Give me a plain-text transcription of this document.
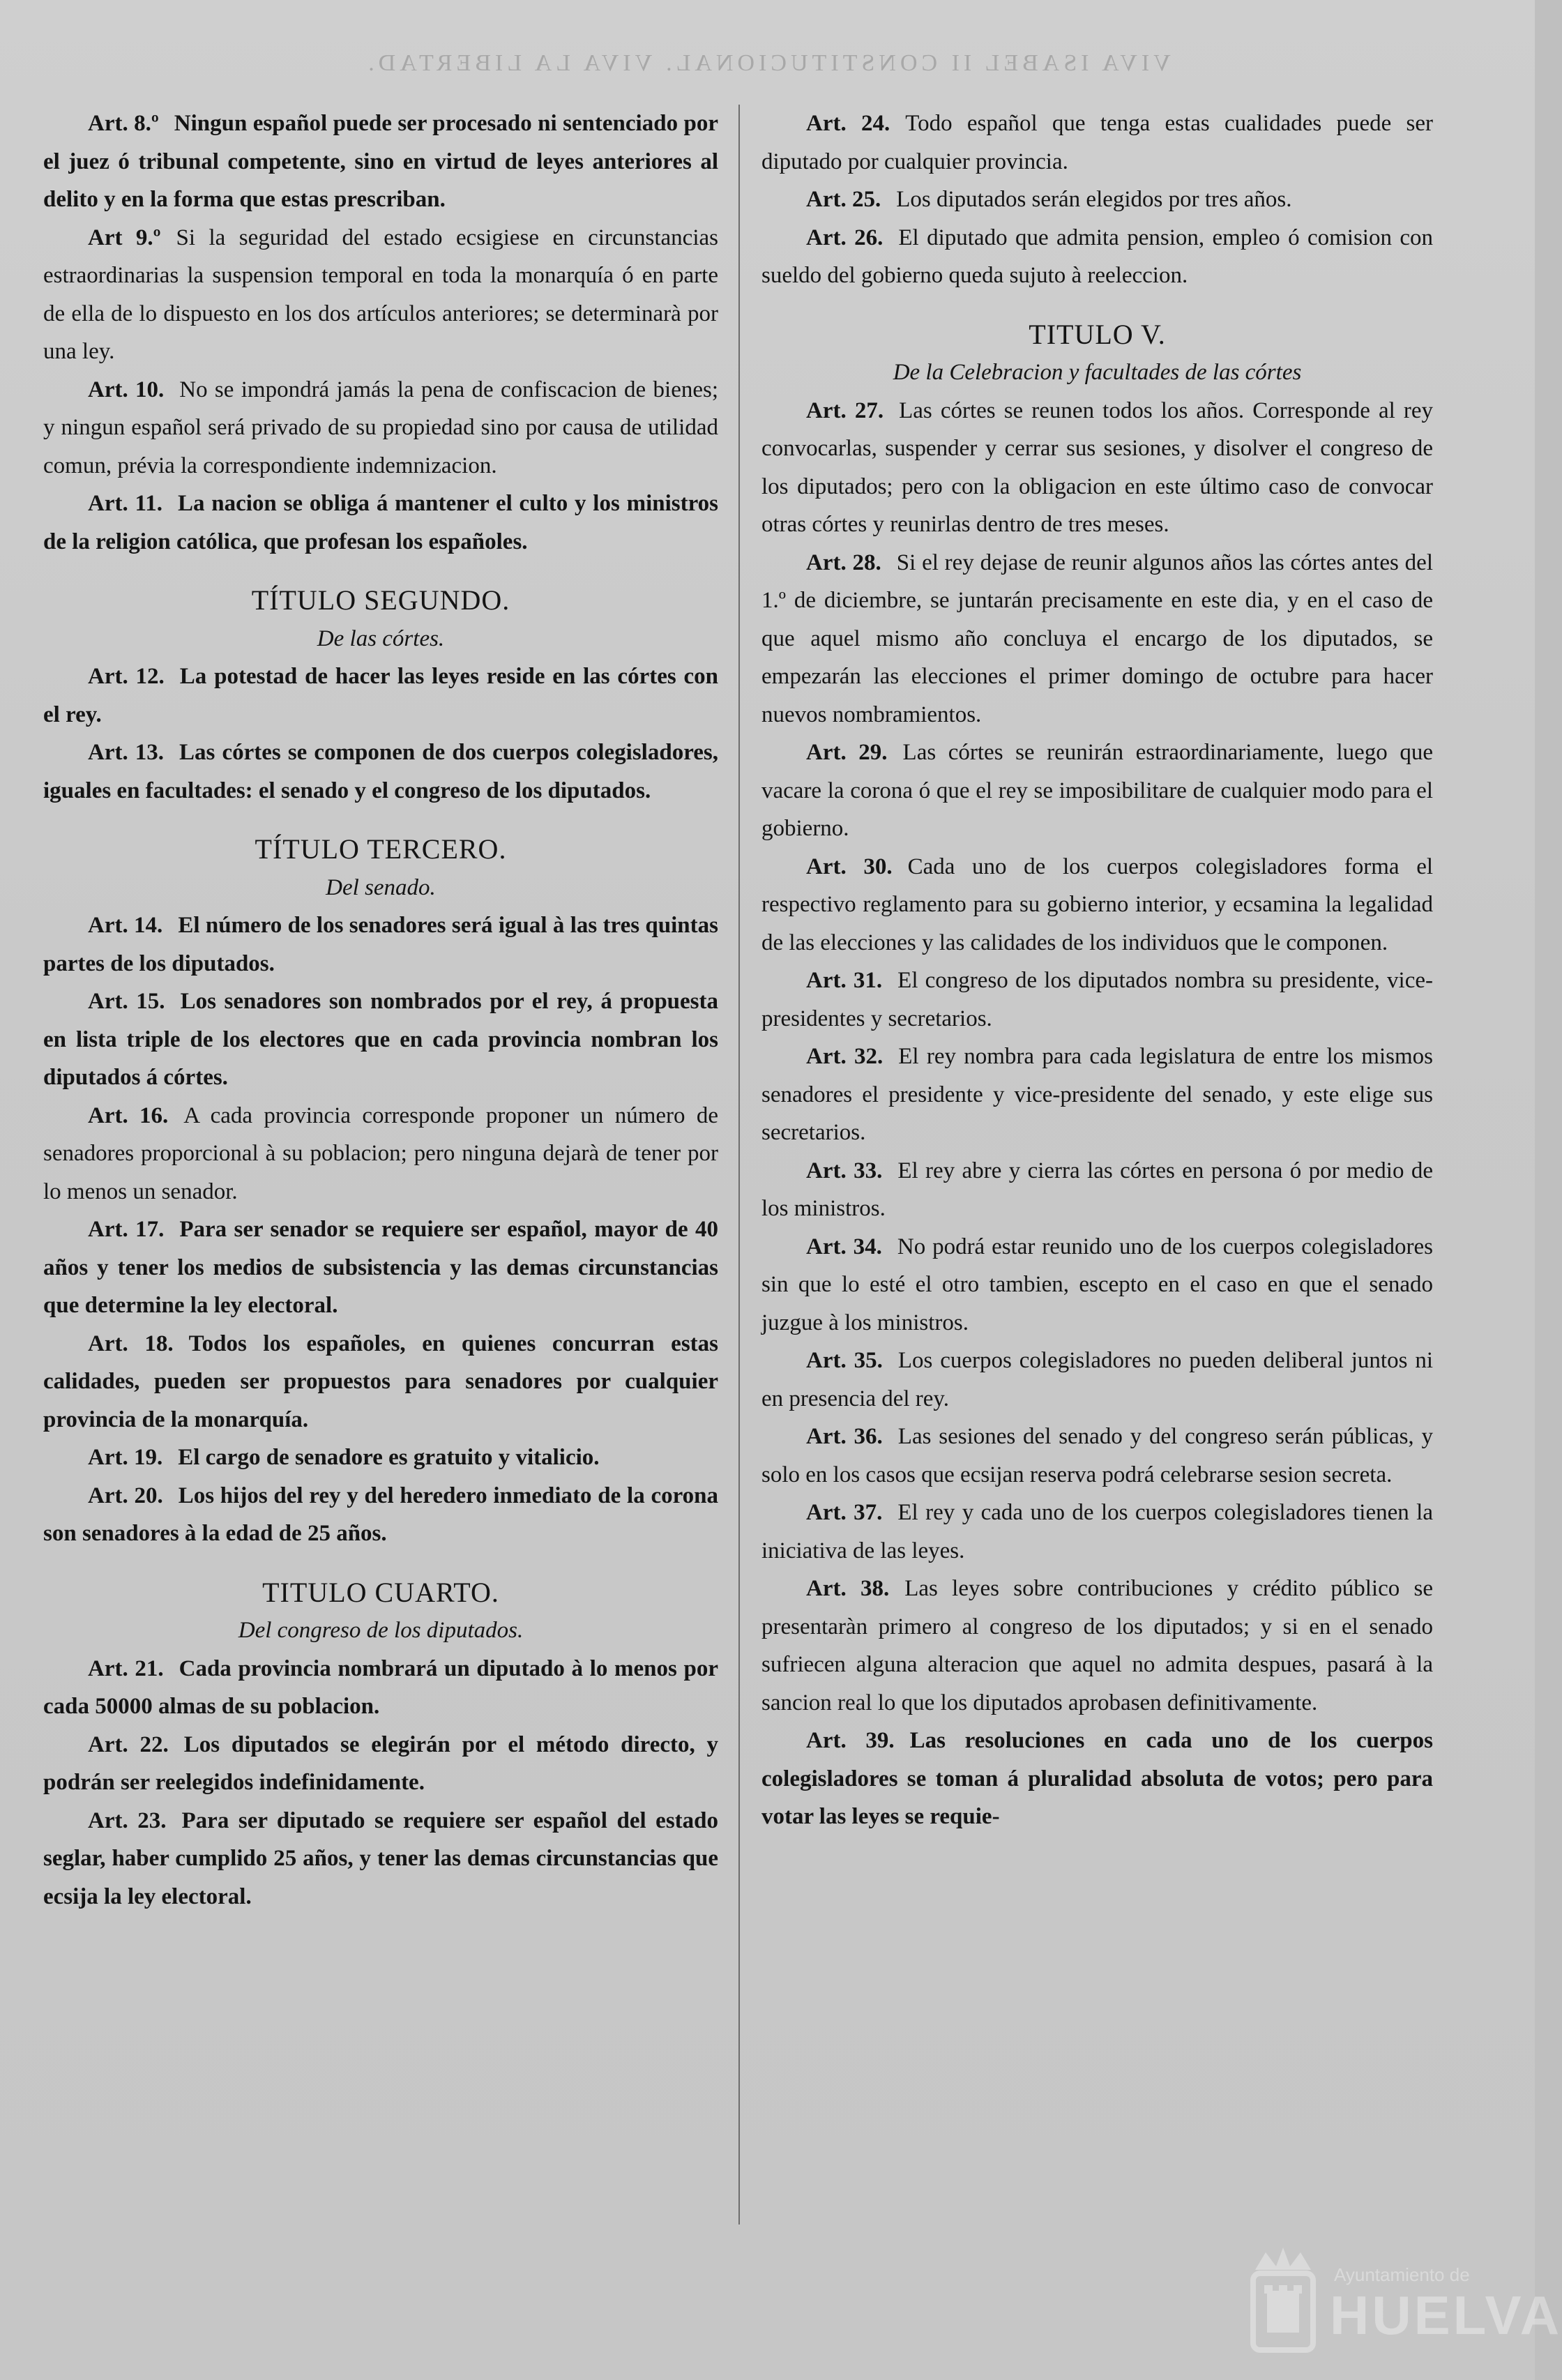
VIVA ISABEL II CONSTITUCIONAL. VIVA LA LIBERTAD.

Art. 8.º Ningun español puede ser procesado ni sentenciado por el juez ó tribunal competente, sino en virtud de leyes anteriores al delito y en la forma que estas prescriban.

Art 9.º Si la seguridad del estado ecsigiese en circunstancias estraordinarias la suspension temporal en toda la monarquía ó en parte de ella de lo dispuesto en los dos artículos anteriores; se determinarà por una ley.

Art. 10. No se impondrá jamás la pena de confiscacion de bienes; y ningun español será privado de su propiedad sino por causa de utilidad comun, prévia la correspondiente indemnizacion.

Art. 11. La nacion se obliga á mantener el culto y los ministros de la religion católica, que profesan los españoles.

TÍTULO SEGUNDO.

De las córtes.

Art. 12. La potestad de hacer las leyes reside en las córtes con el rey.

Art. 13. Las córtes se componen de dos cuerpos colegisladores, iguales en facultades: el senado y el congreso de los diputados.

TÍTULO TERCERO.

Del senado.

Art. 14. El número de los senadores será igual à las tres quintas partes de los diputados.

Art. 15. Los senadores son nombrados por el rey, á propuesta en lista triple de los electores que en cada provincia nombran los diputados á córtes.

Art. 16. A cada provincia corresponde proponer un número de senadores proporcional à su poblacion; pero ninguna dejarà de tener por lo menos un senador.

Art. 17. Para ser senador se requiere ser español, mayor de 40 años y tener los medios de subsistencia y las demas circunstancias que determine la ley electoral.

Art. 18. Todos los españoles, en quienes concurran estas calidades, pueden ser propuestos para senadores por cualquier provincia de la monarquía.

Art. 19. El cargo de senadore es gratuito y vitalicio.

Art. 20. Los hijos del rey y del heredero inmediato de la corona son senadores à la edad de 25 años.

TITULO CUARTO.

Del congreso de los diputados.

Art. 21. Cada provincia nombrará un diputado à lo menos por cada 50000 almas de su poblacion.

Art. 22. Los diputados se elegirán por el método directo, y podrán ser reelegidos indefinidamente.

Art. 23. Para ser diputado se requiere ser español del estado seglar, haber cumplido 25 años, y tener las demas circunstancias que ecsija la ley electoral.

Art. 24. Todo español que tenga estas cualidades puede ser diputado por cualquier provincia.

Art. 25. Los diputados serán elegidos por tres años.

Art. 26. El diputado que admita pension, empleo ó comision con sueldo del gobierno queda sujuto à reeleccion.

TITULO V.

De la Celebracion y facultades de las córtes

Art. 27. Las córtes se reunen todos los años. Corresponde al rey convocarlas, suspender y cerrar sus sesiones, y disolver el congreso de los diputados; pero con la obligacion en este último caso de convocar otras córtes y reunirlas dentro de tres meses.

Art. 28. Si el rey dejase de reunir algunos años las córtes antes del 1.º de diciembre, se juntarán precisamente en este dia, y en el caso de que aquel mismo año concluya el encargo de los diputados, se empezarán las elecciones el primer domingo de octubre para hacer nuevos nombramientos.

Art. 29. Las córtes se reunirán estraordinariamente, luego que vacare la corona ó que el rey se imposibilitare de cualquier modo para el gobierno.

Art. 30. Cada uno de los cuerpos colegisladores forma el respectivo reglamento para su gobierno interior, y ecsamina la legalidad de las elecciones y las calidades de los individuos que le componen.

Art. 31. El congreso de los diputados nombra su presidente, vice-presidentes y secretarios.

Art. 32. El rey nombra para cada legislatura de entre los mismos senadores el presidente y vice-presidente del senado, y este elige sus secretarios.

Art. 33. El rey abre y cierra las córtes en persona ó por medio de los ministros.

Art. 34. No podrá estar reunido uno de los cuerpos colegisladores sin que lo esté el otro tambien, escepto en el caso en que el senado juzgue à los ministros.

Art. 35. Los cuerpos colegisladores no pueden deliberal juntos ni en presencia del rey.

Art. 36. Las sesiones del senado y del congreso serán públicas, y solo en los casos que ecsijan reserva podrá celebrarse sesion secreta.

Art. 37. El rey y cada uno de los cuerpos colegisladores tienen la iniciativa de las leyes.

Art. 38. Las leyes sobre contribuciones y crédito público se presentaràn primero al congreso de los diputados; y si en el senado sufriecen alguna alteracion que aquel no admita despues, pasará à la sancion real lo que los diputados aprobasen definitivamente.

Art. 39. Las resoluciones en cada uno de los cuerpos colegisladores se toman á pluralidad absoluta de votos; pero para votar las leyes se requie-

Ayuntamiento de
HUELVA
